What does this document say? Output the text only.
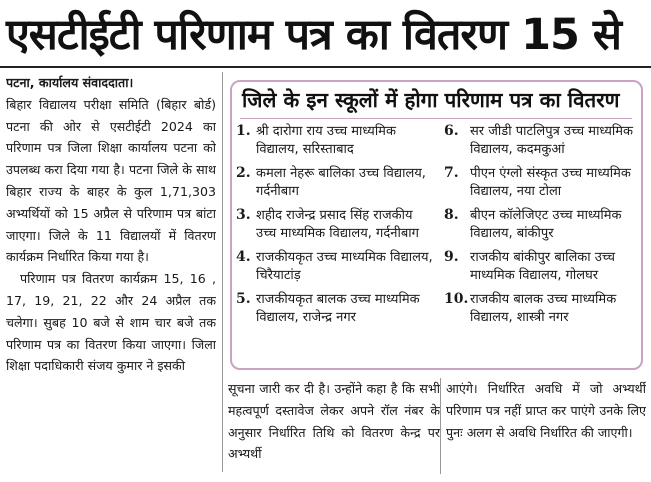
एसटीईटी परिणाम पत्र का वितरण 15 से

पटना, कार्यालय संवाददाता।

बिहार विद्यालय परीक्षा समिति (बिहार बोर्ड) पटना की ओर से एसटीईटी 2024 का परिणाम पत्र जिला शिक्षा कार्यालय पटना को उपलब्ध करा दिया गया है। पटना जिले के साथ बिहार राज्य के बाहर के कुल 1,71,303 अभ्यर्थियों को 15 अप्रैल से परिणाम पत्र बांटा जाएगा। जिले के 11 विद्यालयों में वितरण कार्यक्रम निर्धारित किया गया है।

परिणाम पत्र वितरण कार्यक्रम 15, 16 , 17, 19, 21, 22 और 24 अप्रैल तक चलेगा। सुबह 10 बजे से शाम चार बजे तक परिणाम पत्र का वितरण किया जाएगा। जिला शिक्षा पदाधिकारी संजय कुमार ने इसकी

जिले के इन स्कूलों में होगा परिणाम पत्र का वितरण
1. श्री दारोगा राय उच्च माध्यमिक विद्यालय, सरिस्ताबाद
2. कमला नेहरू बालिका उच्च विद्यालय, गर्दनीबाग
3. शहीद राजेन्द्र प्रसाद सिंह राजकीय उच्च माध्यमिक विद्यालय, गर्दनीबाग
4. राजकीयकृत उच्च माध्यमिक विद्यालय, चिरैयाटांड़
5. राजकीयकृत बालक उच्च माध्यमिक विद्यालय, राजेन्द्र नगर
6. सर जीडी पाटलिपुत्र उच्च माध्यमिक विद्यालय, कदमकुआं
7. पीएन एंग्लो संस्कृत उच्च माध्यमिक विद्यालय, नया टोला
8. बीएन कॉलेजिएट उच्च माध्यमिक विद्यालय, बांकीपुर
9. राजकीय बांकीपुर बालिका उच्च माध्यमिक विद्यालय, गोलघर
10. राजकीय बालक उच्च माध्यमिक विद्यालय, शास्त्री नगर

सूचना जारी कर दी है। उन्होंने कहा है कि सभी महत्वपूर्ण दस्तावेज लेकर अपने रॉल नंबर के अनुसार निर्धारित तिथि को वितरण केन्द्र पर अभ्यर्थी

आएंगे। निर्धारित अवधि में जो अभ्यर्थी परिणाम पत्र नहीं प्राप्त कर पाएंगे उनके लिए पुनः अलग से अवधि निर्धारित की जाएगी।
